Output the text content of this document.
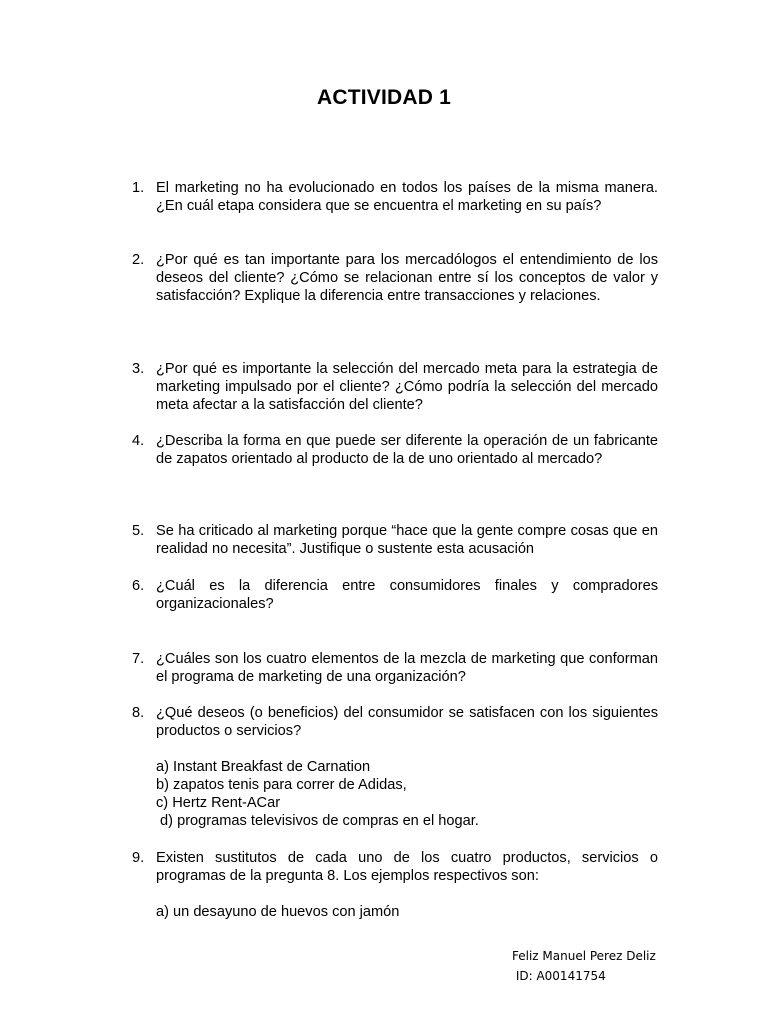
ACTIVIDAD 1
1. El marketing no ha evolucionado en todos los países de la misma manera. ¿En cuál etapa considera que se encuentra el marketing en su país?
2. ¿Por qué es tan importante para los mercadólogos el entendimiento de los deseos del cliente? ¿Cómo se relacionan entre sí los conceptos de valor y satisfacción? Explique la diferencia entre transacciones y relaciones.
3. ¿Por qué es importante la selección del mercado meta para la estrategia de marketing impulsado por el cliente? ¿Cómo podría la selección del mercado meta afectar a la satisfacción del cliente?
4. ¿Describa la forma en que puede ser diferente la operación de un fabricante de zapatos orientado al producto de la de uno orientado al mercado?
5. Se ha criticado al marketing porque “hace que la gente compre cosas que en realidad no necesita”. Justifique o sustente esta acusación
6. ¿Cuál es la diferencia entre consumidores finales y compradores organizacionales?
7. ¿Cuáles son los cuatro elementos de la mezcla de marketing que conforman el programa de marketing de una organización?
8. ¿Qué deseos (o beneficios) del consumidor se satisfacen con los siguientes productos o servicios?
a) Instant Breakfast de Carnation
b) zapatos tenis para correr de Adidas,
c) Hertz Rent-ACar
d) programas televisivos de compras en el hogar.
9. Existen sustitutos de cada uno de los cuatro productos, servicios o programas de la pregunta 8. Los ejemplos respectivos son:
a) un desayuno de huevos con jamón
Feliz Manuel Perez Deliz
ID: A00141754
